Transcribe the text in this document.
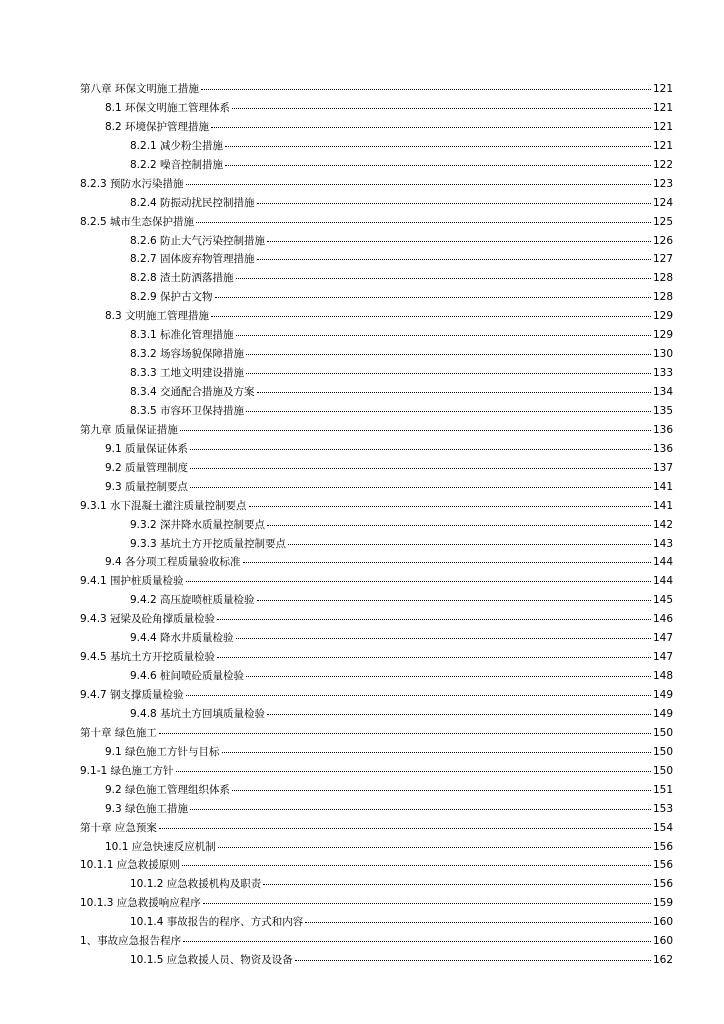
第八章 环保文明施工措施	121
8.1 环保文明施工管理体系	121
8.2 环境保护管理措施	121
8.2.1 减少粉尘措施	121
8.2.2 噪音控制措施	122
8.2.3 预防水污染措施	123
8.2.4 防振动扰民控制措施	124
8.2.5 城市生态保护措施	125
8.2.6 防止大气污染控制措施	126
8.2.7 固体废弃物管理措施	127
8.2.8 渣土防洒落措施	128
8.2.9 保护古文物	128
8.3 文明施工管理措施	129
8.3.1 标准化管理措施	129
8.3.2 场容场貌保障措施	130
8.3.3 工地文明建设措施	133
8.3.4 交通配合措施及方案	134
8.3.5 市容环卫保持措施	135
第九章 质量保证措施	136
9.1 质量保证体系	136
9.2 质量管理制度	137
9.3 质量控制要点	141
9.3.1 水下混凝土灌注质量控制要点	141
9.3.2 深井降水质量控制要点	142
9.3.3 基坑土方开挖质量控制要点	143
9.4 各分项工程质量验收标准	144
9.4.1 围护桩质量检验	144
9.4.2 高压旋喷桩质量检验	145
9.4.3 冠梁及砼角撑质量检验	146
9.4.4 降水井质量检验	147
9.4.5 基坑土方开挖质量检验	147
9.4.6 桩间喷砼质量检验	148
9.4.7 钢支撑质量检验	149
9.4.8 基坑土方回填质量检验	149
第十章 绿色施工	150
9.1 绿色施工方针与目标	150
9.1-1 绿色施工方针	150
9.2 绿色施工管理组织体系	151
9.3 绿色施工措施	153
第十章 应急预案	154
10.1 应急快速反应机制	156
10.1.1 应急救援原则	156
10.1.2 应急救援机构及职责	156
10.1.3 应急救援响应程序	159
10.1.4 事故报告的程序、方式和内容	160
1、事故应急报告程序	160
10.1.5 应急救援人员、物资及设备	162
